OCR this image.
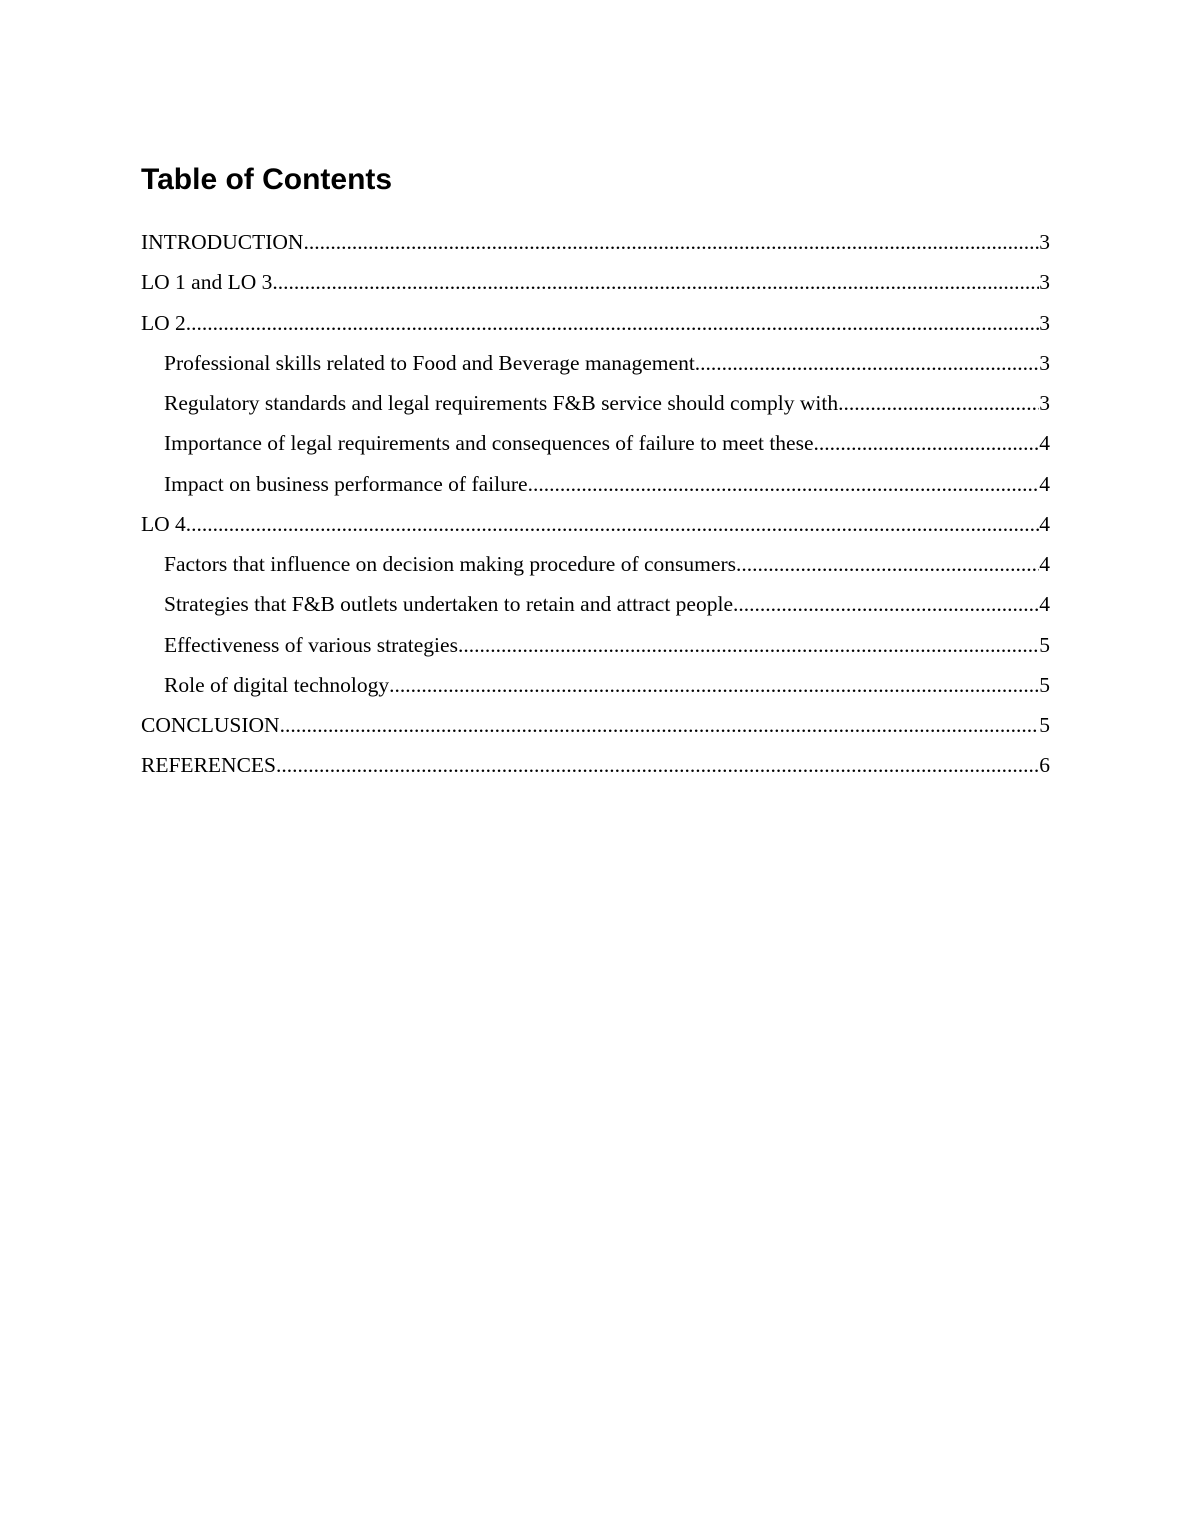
Table of Contents
INTRODUCTION .....	3
LO 1 and LO 3 .....	3
LO 2 .....	3
Professional skills related to Food and Beverage management .....	3
Regulatory standards and legal requirements F&B service should comply with .....	3
Importance of legal requirements and consequences of failure to meet these .....	4
Impact on business performance of failure .....	4
LO 4 .....	4
Factors that influence on decision making procedure of consumers .....	4
Strategies that F&B outlets undertaken to retain and attract people .....	4
Effectiveness of various strategies .....	5
Role of digital technology .....	5
CONCLUSION .....	5
REFERENCES .....	6
